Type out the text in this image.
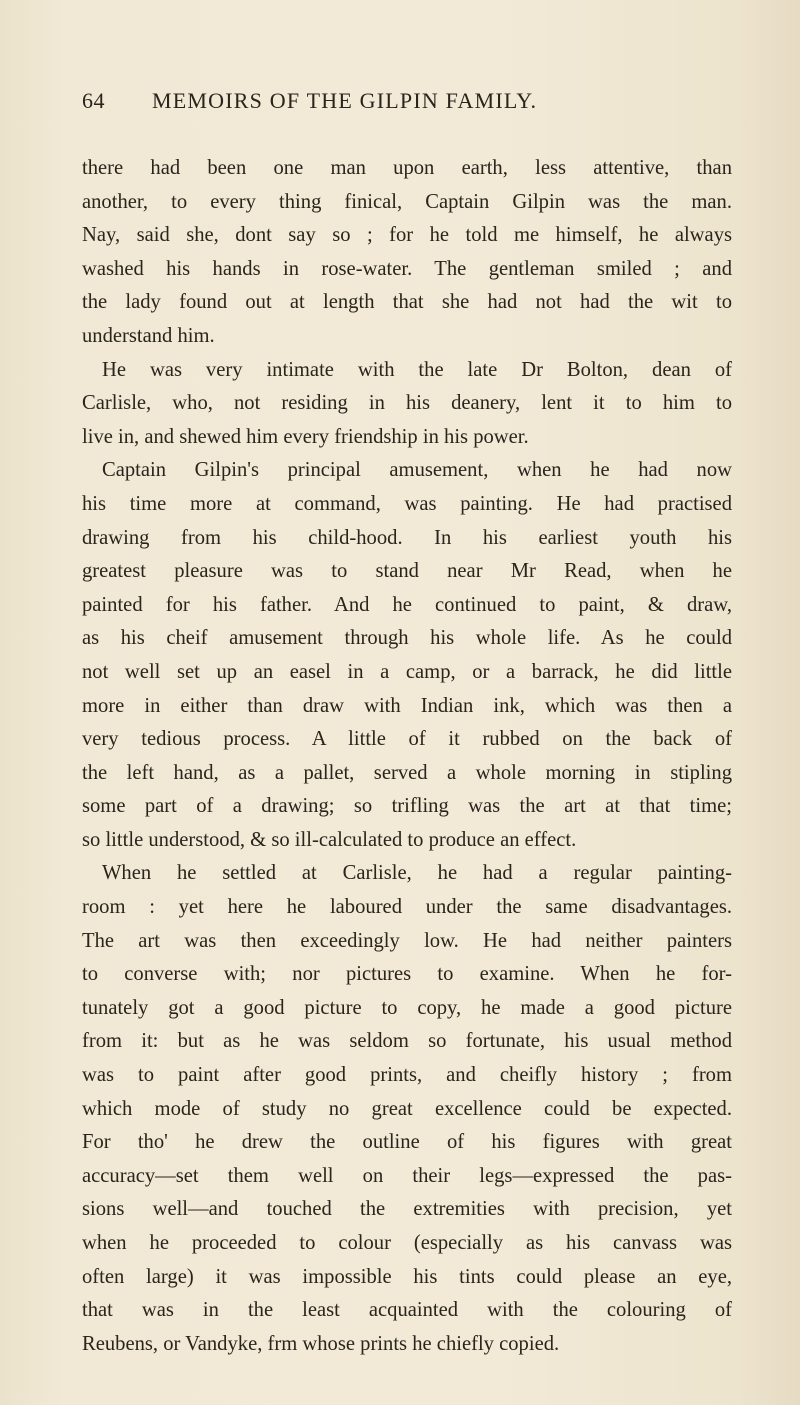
64 MEMOIRS OF THE GILPIN FAMILY.
there had been one man upon earth, less attentive, than
another, to every thing finical, Captain Gilpin was the man.
Nay, said she, dont say so ; for he told me himself, he always
washed his hands in rose-water. The gentleman smiled ; and
the lady found out at length that she had not had the wit to
understand him.
He was very intimate with the late Dr Bolton, dean of
Carlisle, who, not residing in his deanery, lent it to him to
live in, and shewed him every friendship in his power.
Captain Gilpin's principal amusement, when he had now
his time more at command, was painting. He had practised
drawing from his child-hood. In his earliest youth his
greatest pleasure was to stand near Mr Read, when he
painted for his father. And he continued to paint, & draw,
as his cheif amusement through his whole life. As he could
not well set up an easel in a camp, or a barrack, he did little
more in either than draw with Indian ink, which was then a
very tedious process. A little of it rubbed on the back of
the left hand, as a pallet, served a whole morning in stipling
some part of a drawing; so trifling was the art at that time;
so little understood, & so ill-calculated to produce an effect.
When he settled at Carlisle, he had a regular painting-
room : yet here he laboured under the same disadvantages.
The art was then exceedingly low. He had neither painters
to converse with; nor pictures to examine. When he for-
tunately got a good picture to copy, he made a good picture
from it: but as he was seldom so fortunate, his usual method
was to paint after good prints, and cheifly history ; from
which mode of study no great excellence could be expected.
For tho' he drew the outline of his figures with great
accuracy—set them well on their legs—expressed the pas-
sions well—and touched the extremities with precision, yet
when he proceeded to colour (especially as his canvass was
often large) it was impossible his tints could please an eye,
that was in the least acquainted with the colouring of
Reubens, or Vandyke, frm whose prints he chiefly copied.
